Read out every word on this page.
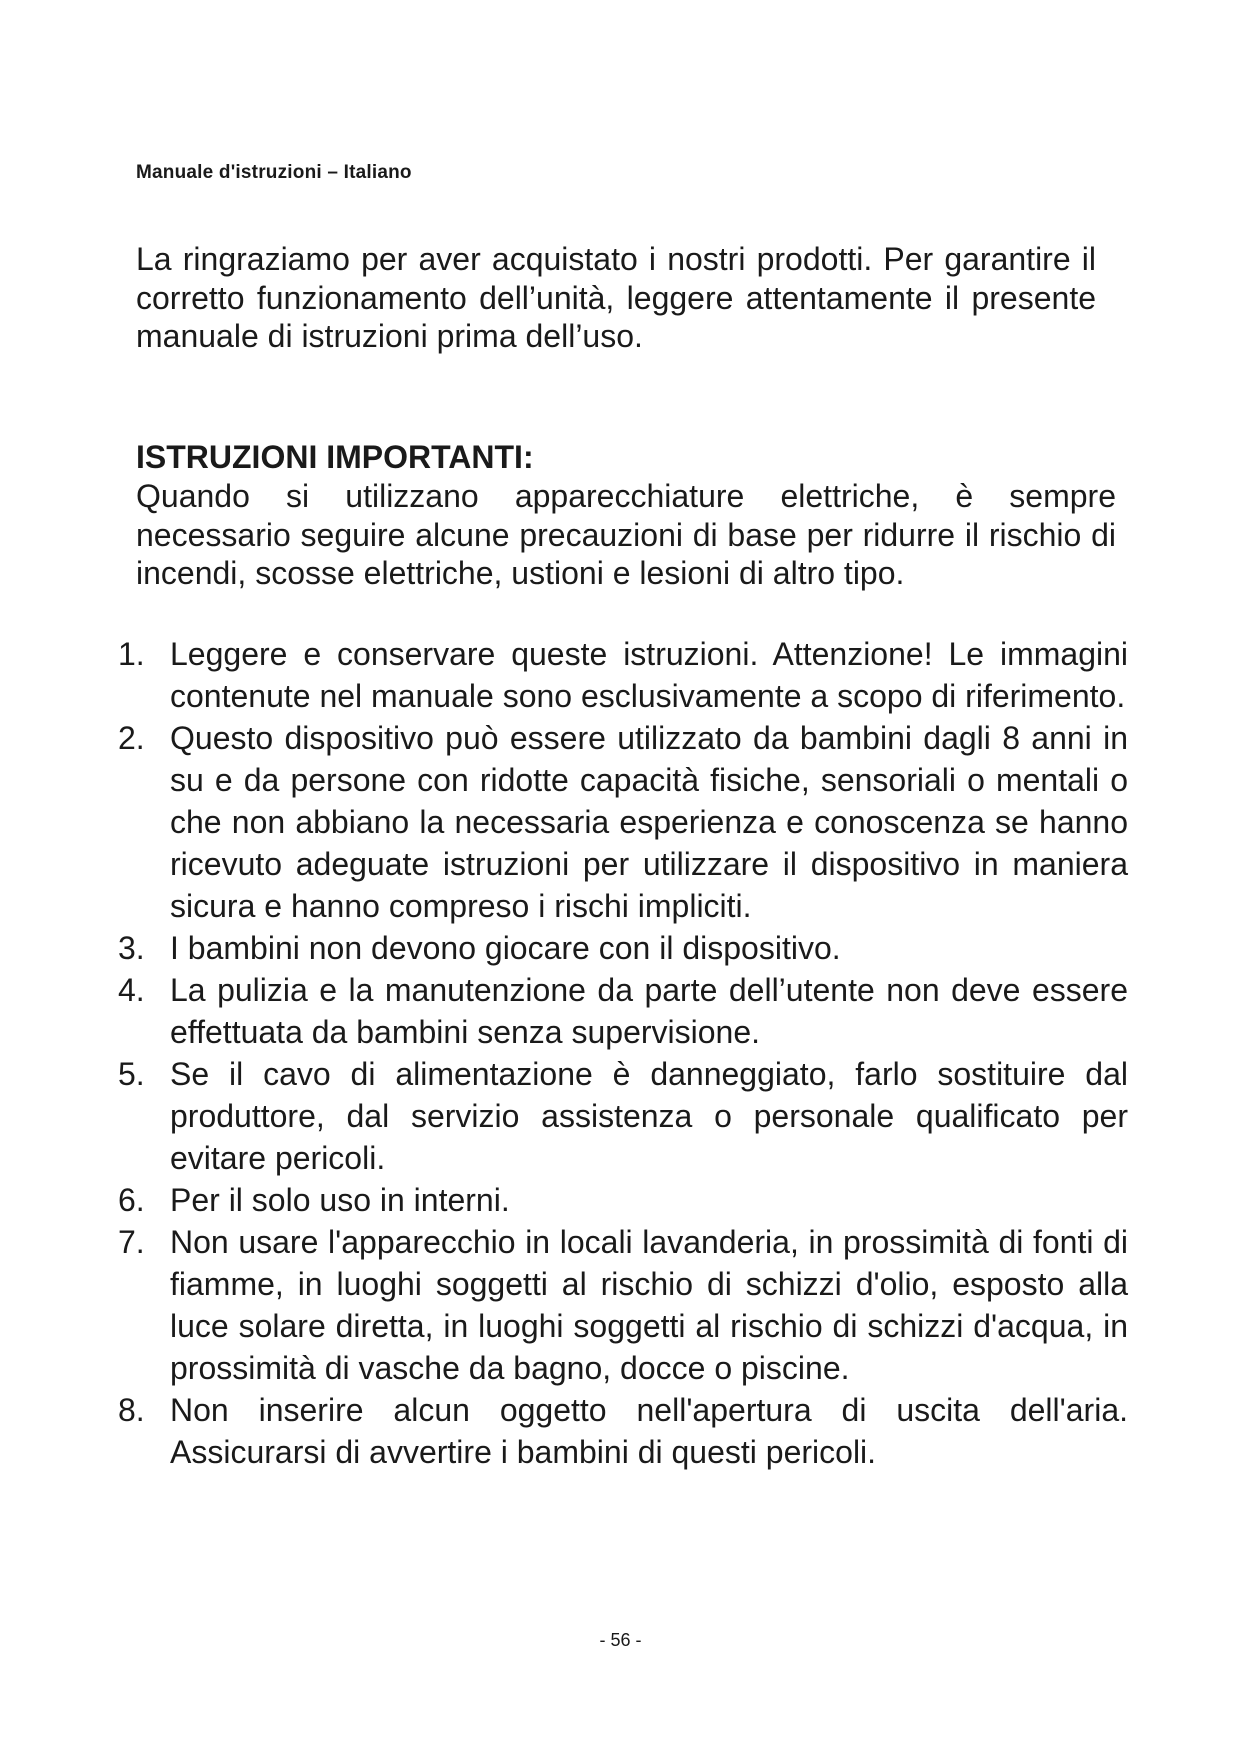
Manuale d'istruzioni – Italiano

La ringraziamo per aver acquistato i nostri prodotti. Per garantire il corretto funzionamento dell’unità, leggere attentamente il presente manuale di istruzioni prima dell’uso.

ISTRUZIONI IMPORTANTI:

Quando si utilizzano apparecchiature elettriche, è sempre necessario seguire alcune precauzioni di base per ridurre il rischio di incendi, scosse elettriche, ustioni e lesioni di altro tipo.

1. Leggere e conservare queste istruzioni. Attenzione! Le immagini contenute nel manuale sono esclusivamente a scopo di riferimento.
2. Questo dispositivo può essere utilizzato da bambini dagli 8 anni in su e da persone con ridotte capacità fisiche, sensoriali o mentali o che non abbiano la necessaria esperienza e conoscenza se hanno ricevuto adeguate istruzioni per utilizzare il dispositivo in maniera sicura e hanno compreso i rischi impliciti.
3. I bambini non devono giocare con il dispositivo.
4. La pulizia e la manutenzione da parte dell’utente non deve essere effettuata da bambini senza supervisione.
5. Se il cavo di alimentazione è danneggiato, farlo sostituire dal produttore, dal servizio assistenza o personale qualificato per evitare pericoli.
6. Per il solo uso in interni.
7. Non usare l'apparecchio in locali lavanderia, in prossimità di fonti di fiamme, in luoghi soggetti al rischio di schizzi d'olio, esposto alla luce solare diretta, in luoghi soggetti al rischio di schizzi d'acqua, in prossimità di vasche da bagno, docce o piscine.
8. Non inserire alcun oggetto nell'apertura di uscita dell'aria. Assicurarsi di avvertire i bambini di questi pericoli.
- 56 -
